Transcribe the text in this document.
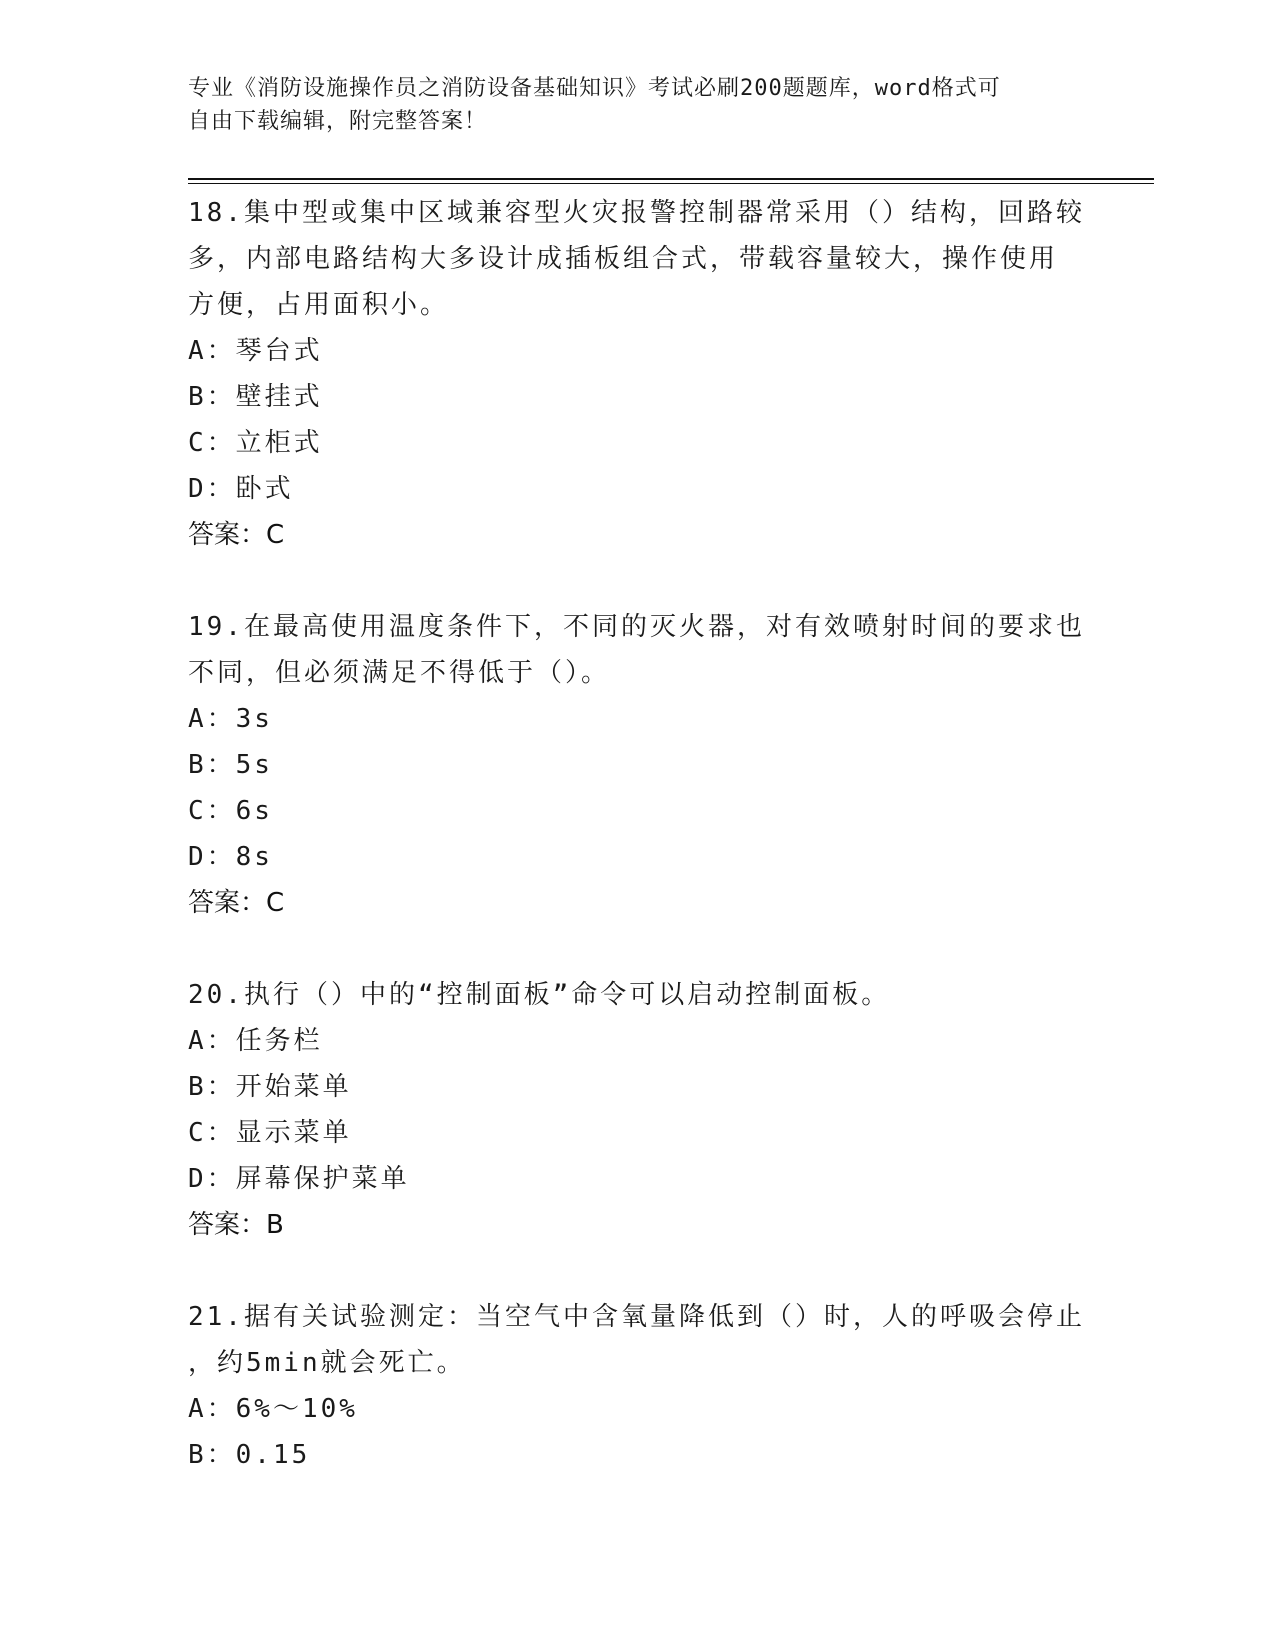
专业《消防设施操作员之消防设备基础知识》考试必刷200题题库，word格式可
自由下载编辑，附完整答案！
18.集中型或集中区域兼容型火灾报警控制器常采用（）结构，回路较
多，内部电路结构大多设计成插板组合式，带载容量较大，操作使用
方便，占用面积小。
A：琴台式
B：壁挂式
C：立柜式
D：卧式
答案：C
19.在最高使用温度条件下，不同的灭火器，对有效喷射时间的要求也
不同，但必须满足不得低于（）。
A：3s
B：5s
C：6s
D：8s
答案：C
20.执行（）中的“控制面板”命令可以启动控制面板。
A：任务栏
B：开始菜单
C：显示菜单
D：屏幕保护菜单
答案：B
21.据有关试验测定：当空气中含氧量降低到（）时，人的呼吸会停止
，约5min就会死亡。
A：6%～10%
B：0.15
